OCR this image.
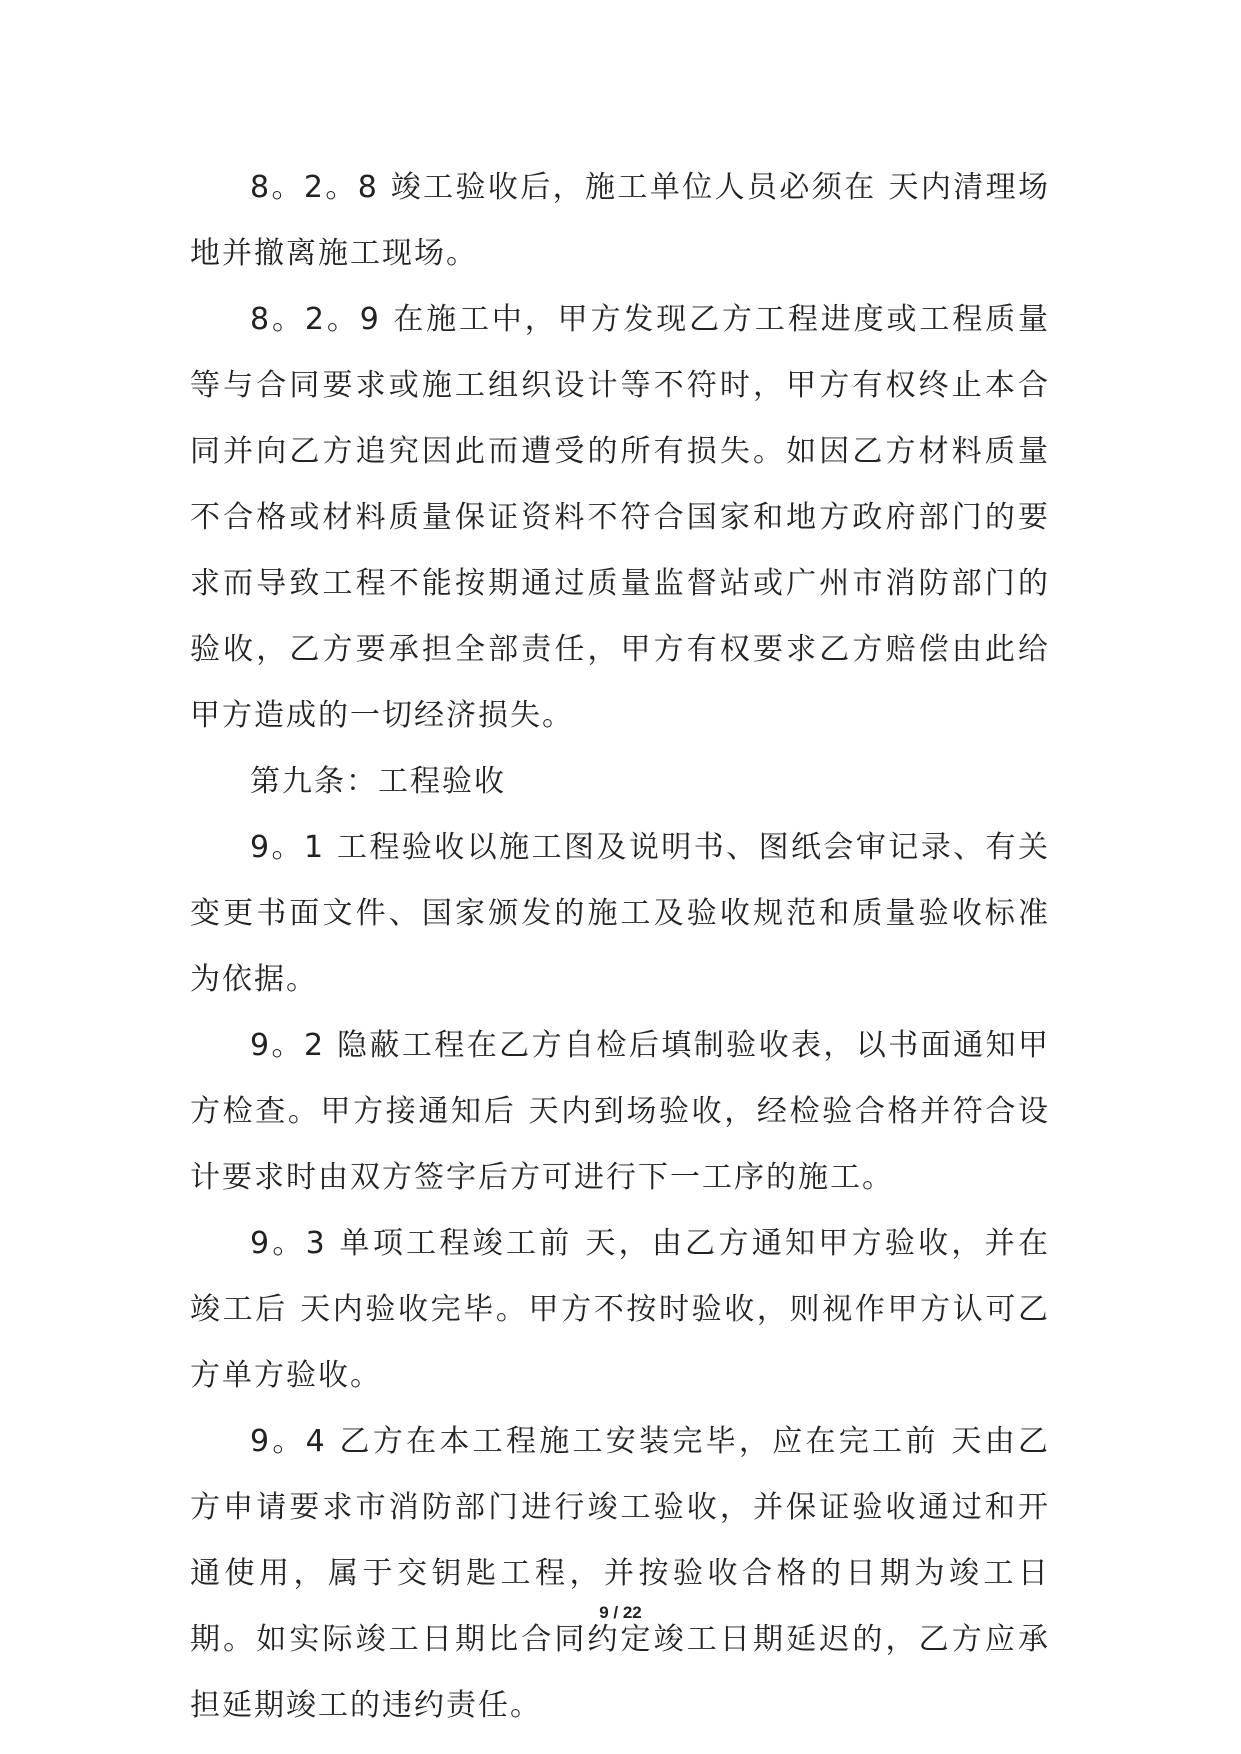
8。2。8 竣工验收后，施工单位人员必须在 天内清理场地并撤离施工现场。

8。2。9 在施工中，甲方发现乙方工程进度或工程质量等与合同要求或施工组织设计等不符时，甲方有权终止本合同并向乙方追究因此而遭受的所有损失。如因乙方材料质量不合格或材料质量保证资料不符合国家和地方政府部门的要求而导致工程不能按期通过质量监督站或广州市消防部门的验收，乙方要承担全部责任，甲方有权要求乙方赔偿由此给甲方造成的一切经济损失。

第九条：工程验收

9。1 工程验收以施工图及说明书、图纸会审记录、有关变更书面文件、国家颁发的施工及验收规范和质量验收标准为依据。

9。2 隐蔽工程在乙方自检后填制验收表，以书面通知甲方检查。甲方接通知后 天内到场验收，经检验合格并符合设计要求时由双方签字后方可进行下一工序的施工。

9。3 单项工程竣工前 天，由乙方通知甲方验收，并在竣工后 天内验收完毕。甲方不按时验收，则视作甲方认可乙方单方验收。

9。4 乙方在本工程施工安装完毕，应在完工前 天由乙方申请要求市消防部门进行竣工验收，并保证验收通过和开通使用，属于交钥匙工程，并按验收合格的日期为竣工日期。如实际竣工日期比合同约定竣工日期延迟的，乙方应承担延期竣工的违约责任。

9 / 22
